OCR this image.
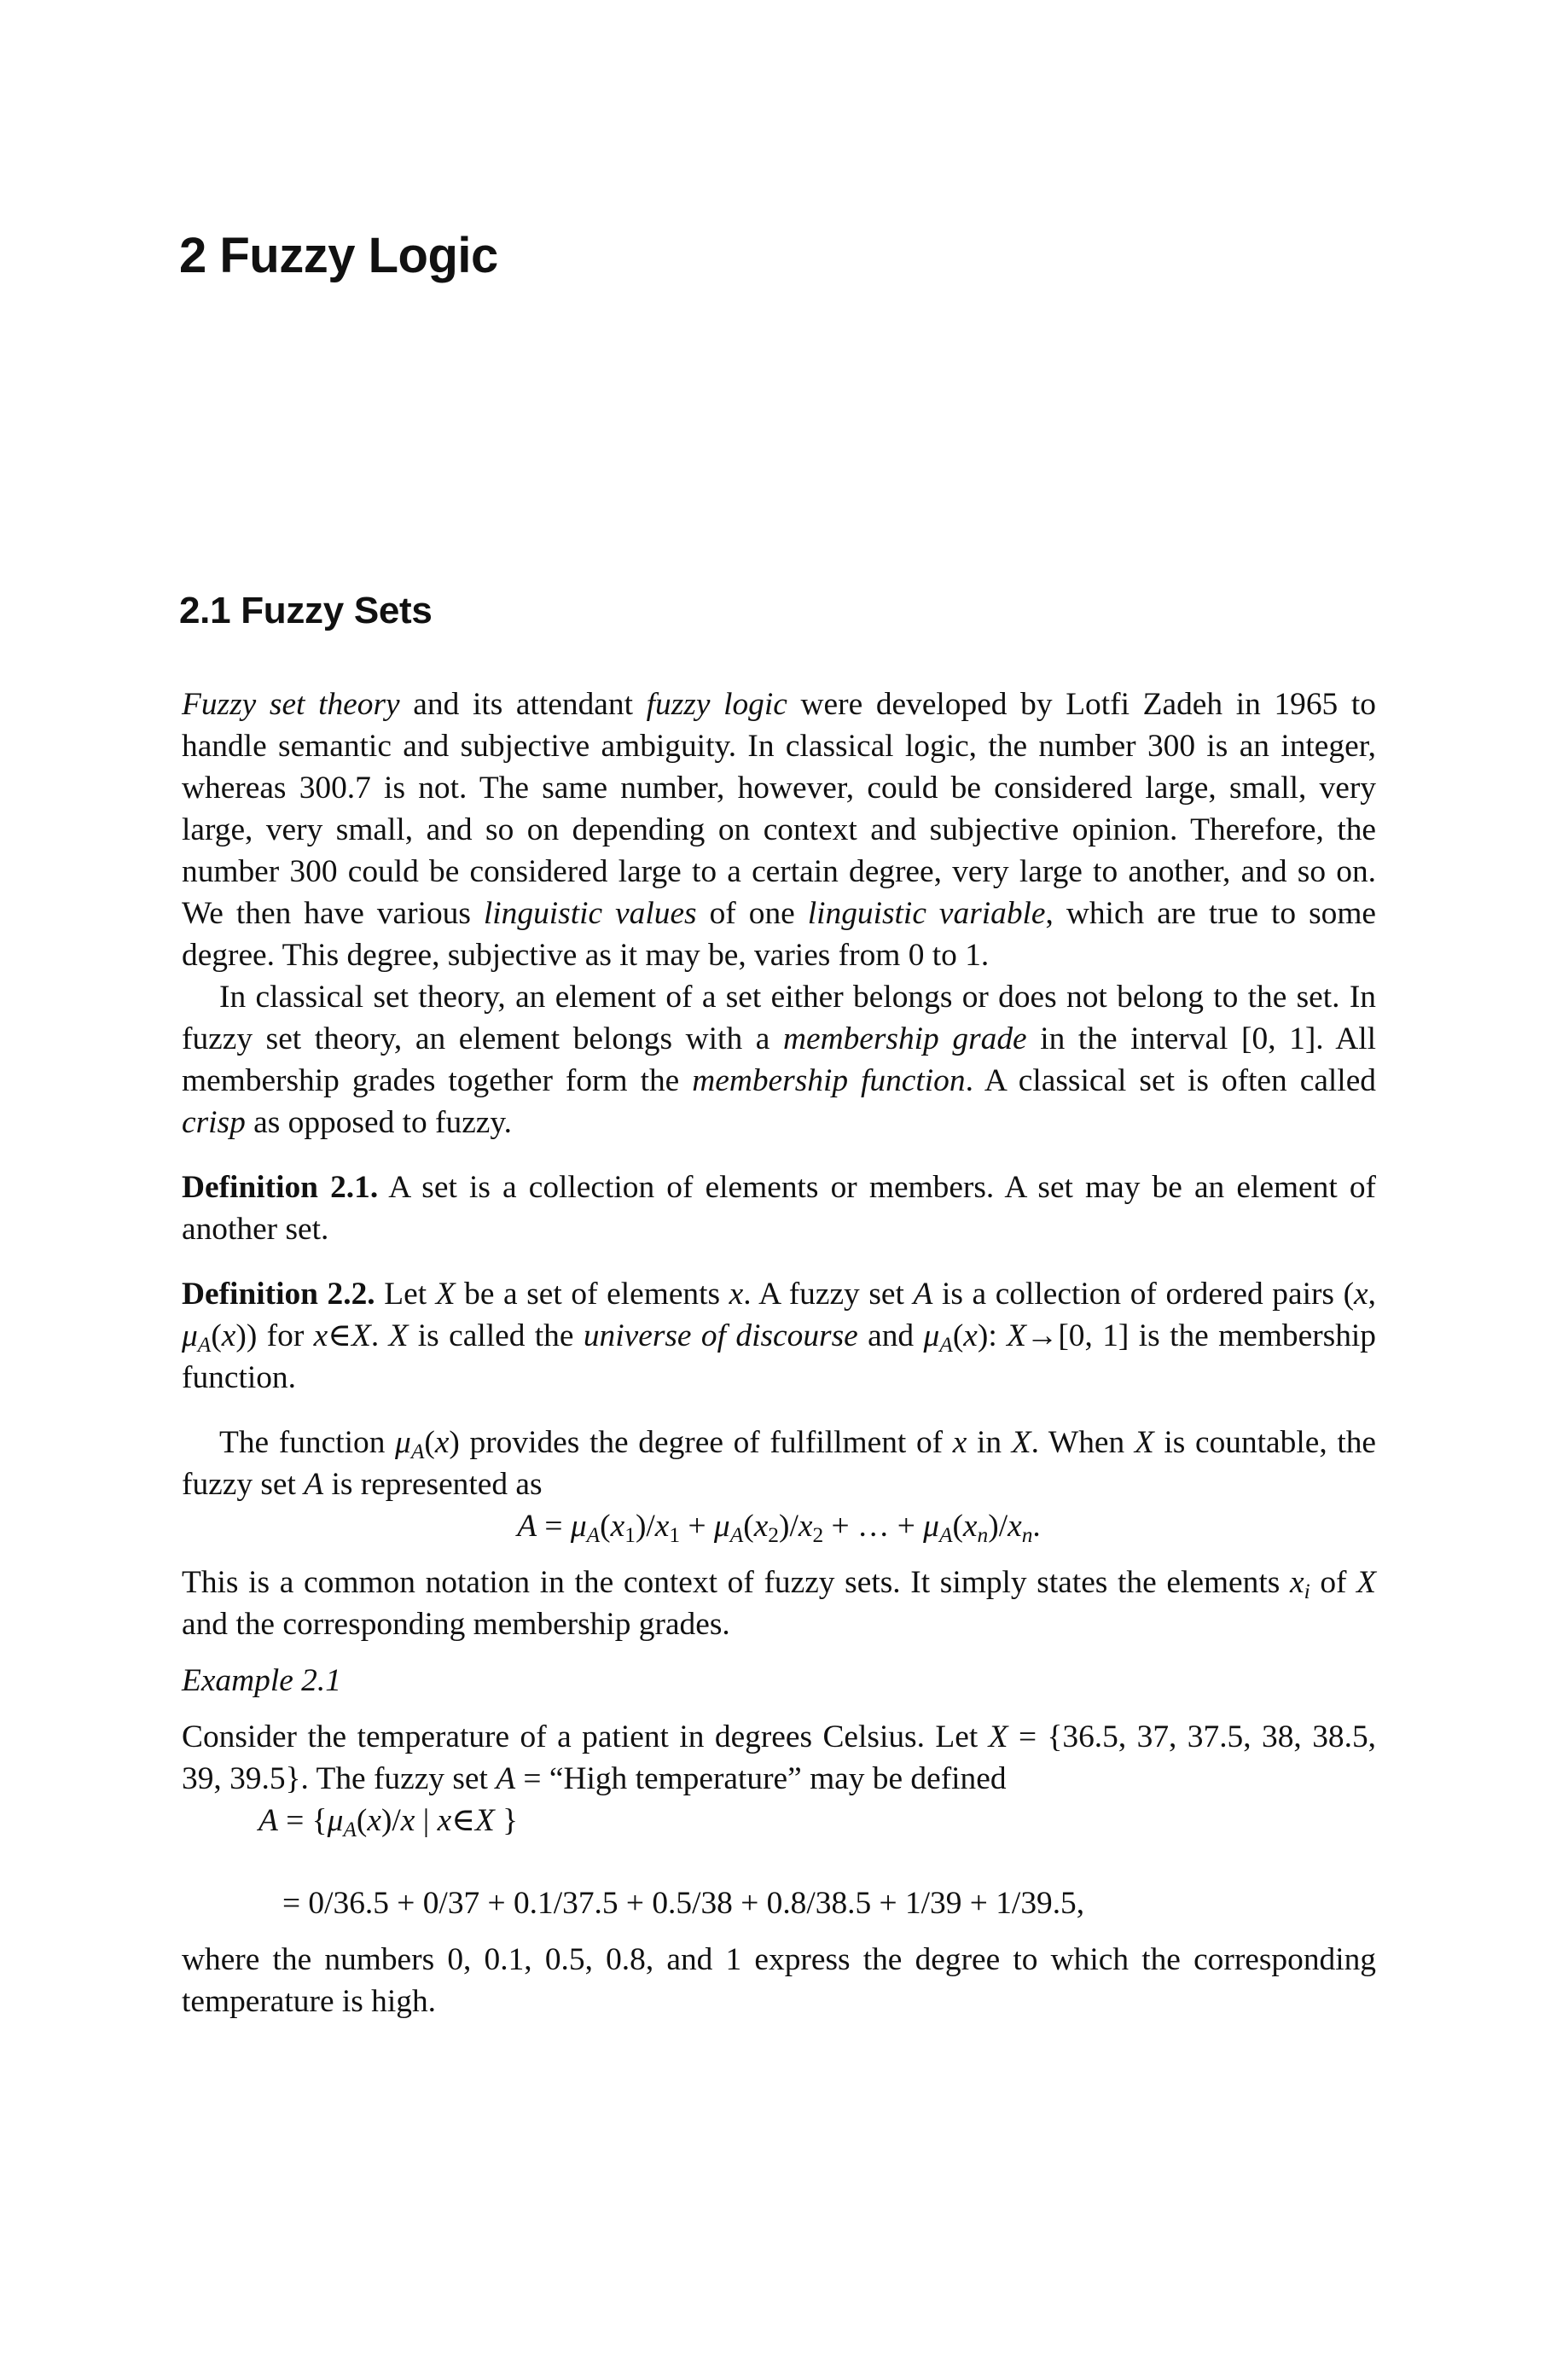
2 Fuzzy Logic
2.1 Fuzzy Sets

Fuzzy set theory and its attendant fuzzy logic were developed by Lotfi Zadeh in 1965 to handle semantic and subjective ambiguity. In classical logic, the number 300 is an integer, whereas 300.7 is not. The same number, however, could be considered large, small, very large, very small, and so on depending on context and subjective opinion. Therefore, the number 300 could be considered large to a certain degree, very large to another, and so on. We then have various linguistic values of one linguistic variable, which are true to some degree. This degree, subjective as it may be, varies from 0 to 1.

In classical set theory, an element of a set either belongs or does not belong to the set. In fuzzy set theory, an element belongs with a membership grade in the interval [0, 1]. All membership grades together form the membership function. A classical set is often called crisp as opposed to fuzzy.

Definition 2.1. A set is a collection of elements or members. A set may be an element of another set.

Definition 2.2. Let X be a set of elements x. A fuzzy set A is a collection of ordered pairs (x, $\mu_A(x)$) for x∈X. X is called the universe of discourse and $\mu_A(x)$: X→[0, 1] is the membership function.

The function $\mu_A(x)$ provides the degree of fulfillment of x in X. When X is countable, the fuzzy set A is represented as

$A = \mu_A(x_1)/x_1 + \mu_A(x_2)/x_2$ + … + $\mu_A(x_n)/x_n$.

This is a common notation in the context of fuzzy sets. It simply states the elements $x_i$ of X and the corresponding membership grades.

Example 2.1

Consider the temperature of a patient in degrees Celsius. Let X = {36.5, 37, 37.5, 38, 38.5, 39, 39.5}. The fuzzy set A = “High temperature” may be defined

$A = \{\mu_A(x)/x$ | x∈X }

= 0/36.5 + 0/37 + 0.1/37.5 + 0.5/38 + 0.8/38.5 + 1/39 + 1/39.5,

where the numbers 0, 0.1, 0.5, 0.8, and 1 express the degree to which the corresponding temperature is high.
